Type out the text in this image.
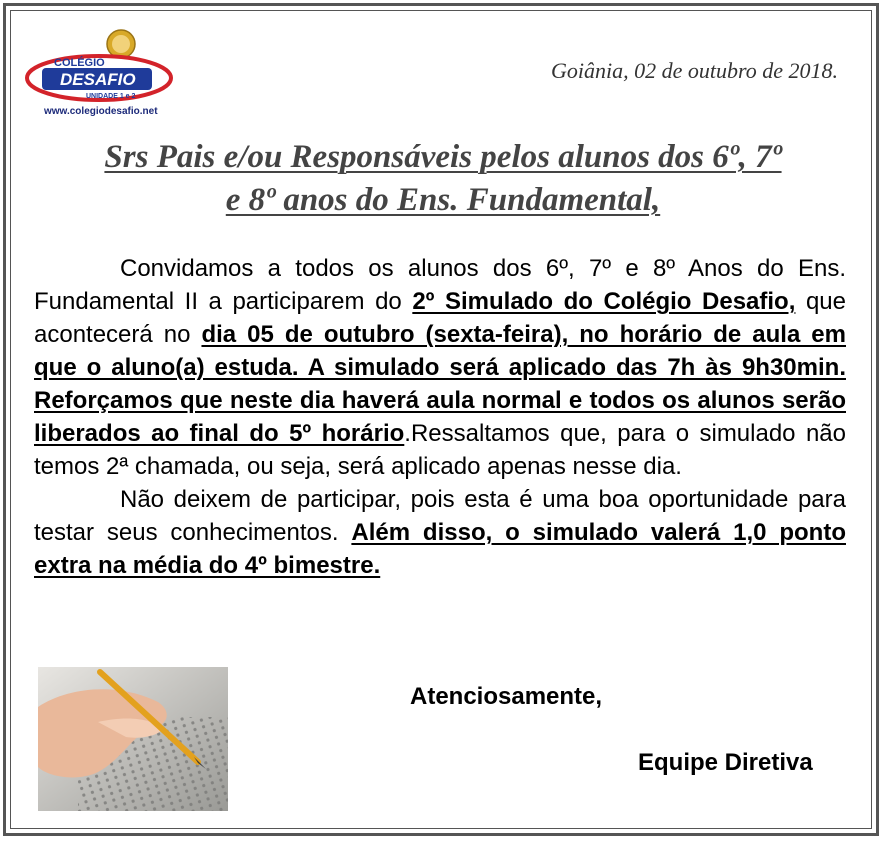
COLÉGIO
DESAFIO
UNIDADE 1 e 2
www.colegiodesafio.net
Goiânia, 02 de outubro de 2018.
Srs Pais e/ou Responsáveis pelos alunos dos 6º, 7º
e 8º anos do Ens. Fundamental,

Convidamos a todos os alunos dos 6º, 7º e 8º Anos do Ens. Fundamental II a participarem do 2º Simulado do Colégio Desafio, que acontecerá no dia 05 de outubro (sexta-feira), no horário de aula em que o aluno(a) estuda. A simulado será aplicado das 7h às 9h30min. Reforçamos que neste dia haverá aula normal e todos os alunos serão liberados ao final do 5º horário.Ressaltamos que, para o simulado não temos 2ª chamada, ou seja, será aplicado apenas nesse dia.

Não deixem de participar, pois esta é uma boa oportunidade para testar seus conhecimentos. Além disso, o simulado valerá 1,0 ponto extra na média do 4º bimestre.

Atenciosamente,
Equipe Diretiva
